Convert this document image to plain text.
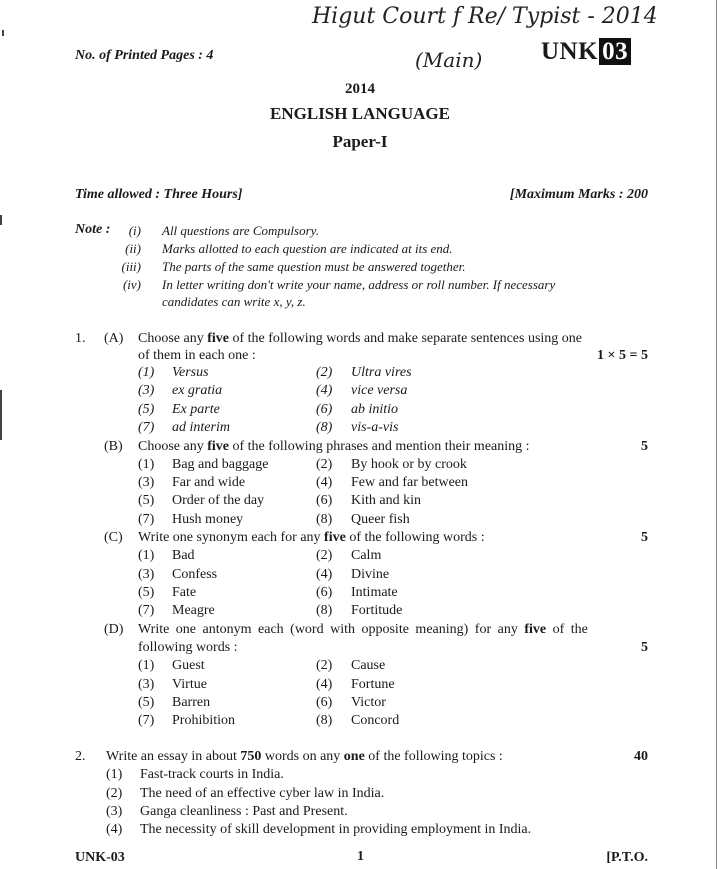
Higut Court f Re/ Typist - 2014
(Main)
No. of Printed Pages : 4	UNK 03
2014
ENGLISH LANGUAGE
Paper-I
Time allowed : Three Hours]	[Maximum Marks : 200
Note :	(i) All questions are Compulsory.
(ii) Marks allotted to each question are indicated at its end.
(iii) The parts of the same question must be answered together.
(iv) In letter writing don't write your name, address or roll number. If necessary
candidates can write x, y, z.
1. (A) Choose any five of the following words and make separate sentences using one
of them in each one :	1 × 5 = 5
(1) Versus	(2) Ultra vires
(3) ex gratia	(4) vice versa
(5) Ex parte	(6) ab initio
(7) ad interim	(8) vis-a-vis
(B) Choose any five of the following phrases and mention their meaning :	5
(1) Bag and baggage	(2) By hook or by crook
(3) Far and wide	(4) Few and far between
(5) Order of the day	(6) Kith and kin
(7) Hush money	(8) Queer fish
(C) Write one synonym each for any five of the following words :	5
(1) Bad	(2) Calm
(3) Confess	(4) Divine
(5) Fate	(6) Intimate
(7) Meagre	(8) Fortitude
(D) Write one antonym each (word with opposite meaning) for any five of the
following words :	5
(1) Guest	(2) Cause
(3) Virtue	(4) Fortune
(5) Barren	(6) Victor
(7) Prohibition	(8) Concord
2. Write an essay in about 750 words on any one of the following topics :	40
(1) Fast-track courts in India.
(2) The need of an effective cyber law in India.
(3) Ganga cleanliness : Past and Present.
(4) The necessity of skill development in providing employment in India.
UNK-03	1	[P.T.O.
